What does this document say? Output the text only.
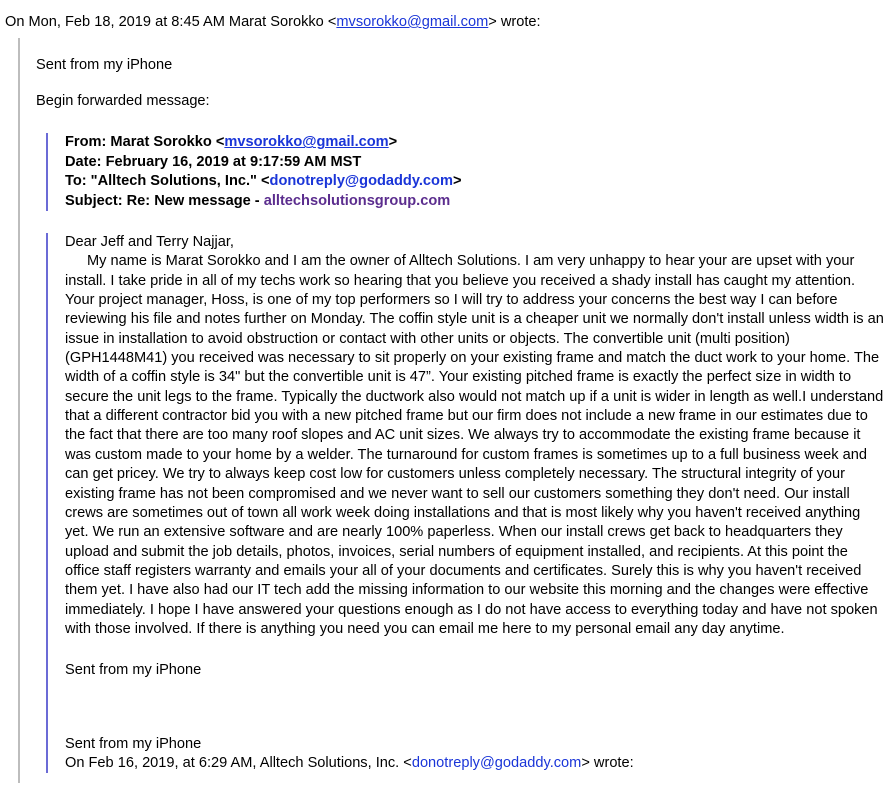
On Mon, Feb 18, 2019 at 8:45 AM Marat Sorokko <mvsorokko@gmail.com> wrote:
Sent from my iPhone
Begin forwarded message:
From: Marat Sorokko <mvsorokko@gmail.com>
Date: February 16, 2019 at 9:17:59 AM MST
To: "Alltech Solutions, Inc." <donotreply@godaddy.com>
Subject: Re: New message - alltechsolutionsgroup.com
Dear Jeff and Terry Najjar,
My name is Marat Sorokko and I am the owner of Alltech Solutions. I am very unhappy to hear your are upset with your install. I take pride in all of my techs work so hearing that you believe you received a shady install has caught my attention. Your project manager, Hoss, is one of my top performers so I will try to address your concerns the best way I can before reviewing his file and notes further on Monday. The coffin style unit is a cheaper unit we normally don't install unless width is an issue in installation to avoid obstruction or contact with other units or objects. The convertible unit (multi position) (GPH1448M41) you received was necessary to sit properly on your existing frame and match the duct work to your home. The width of a coffin style is 34" but the convertible unit is 47”. Your existing pitched frame is exactly the perfect size in width to secure the unit legs to the frame. Typically the ductwork also would not match up if a unit is wider in length as well.I understand that a different contractor bid you with a new pitched frame but our firm does not include a new frame in our estimates due to the fact that there are too many roof slopes and AC unit sizes. We always try to accommodate the existing frame because it was custom made to your home by a welder. The turnaround for custom frames is sometimes up to a full business week and can get pricey. We try to always keep cost low for customers unless completely necessary. The structural integrity of your existing frame has not been compromised and we never want to sell our customers something they don't need. Our install crews are sometimes out of town all work week doing installations and that is most likely why you haven't received anything yet. We run an extensive software and are nearly 100% paperless. When our install crews get back to headquarters they upload and submit the job details, photos, invoices, serial numbers of equipment installed, and recipients. At this point the office staff registers warranty and emails your all of your documents and certificates. Surely this is why you haven't received them yet. I have also had our IT tech add the missing information to our website this morning and the changes were effective immediately. I hope I have answered your questions enough as I do not have access to everything today and have not spoken with those involved. If there is anything you need you can email me here to my personal email any day anytime.
Sent from my iPhone
Sent from my iPhone
On Feb 16, 2019, at 6:29 AM, Alltech Solutions, Inc. <donotreply@godaddy.com> wrote:
